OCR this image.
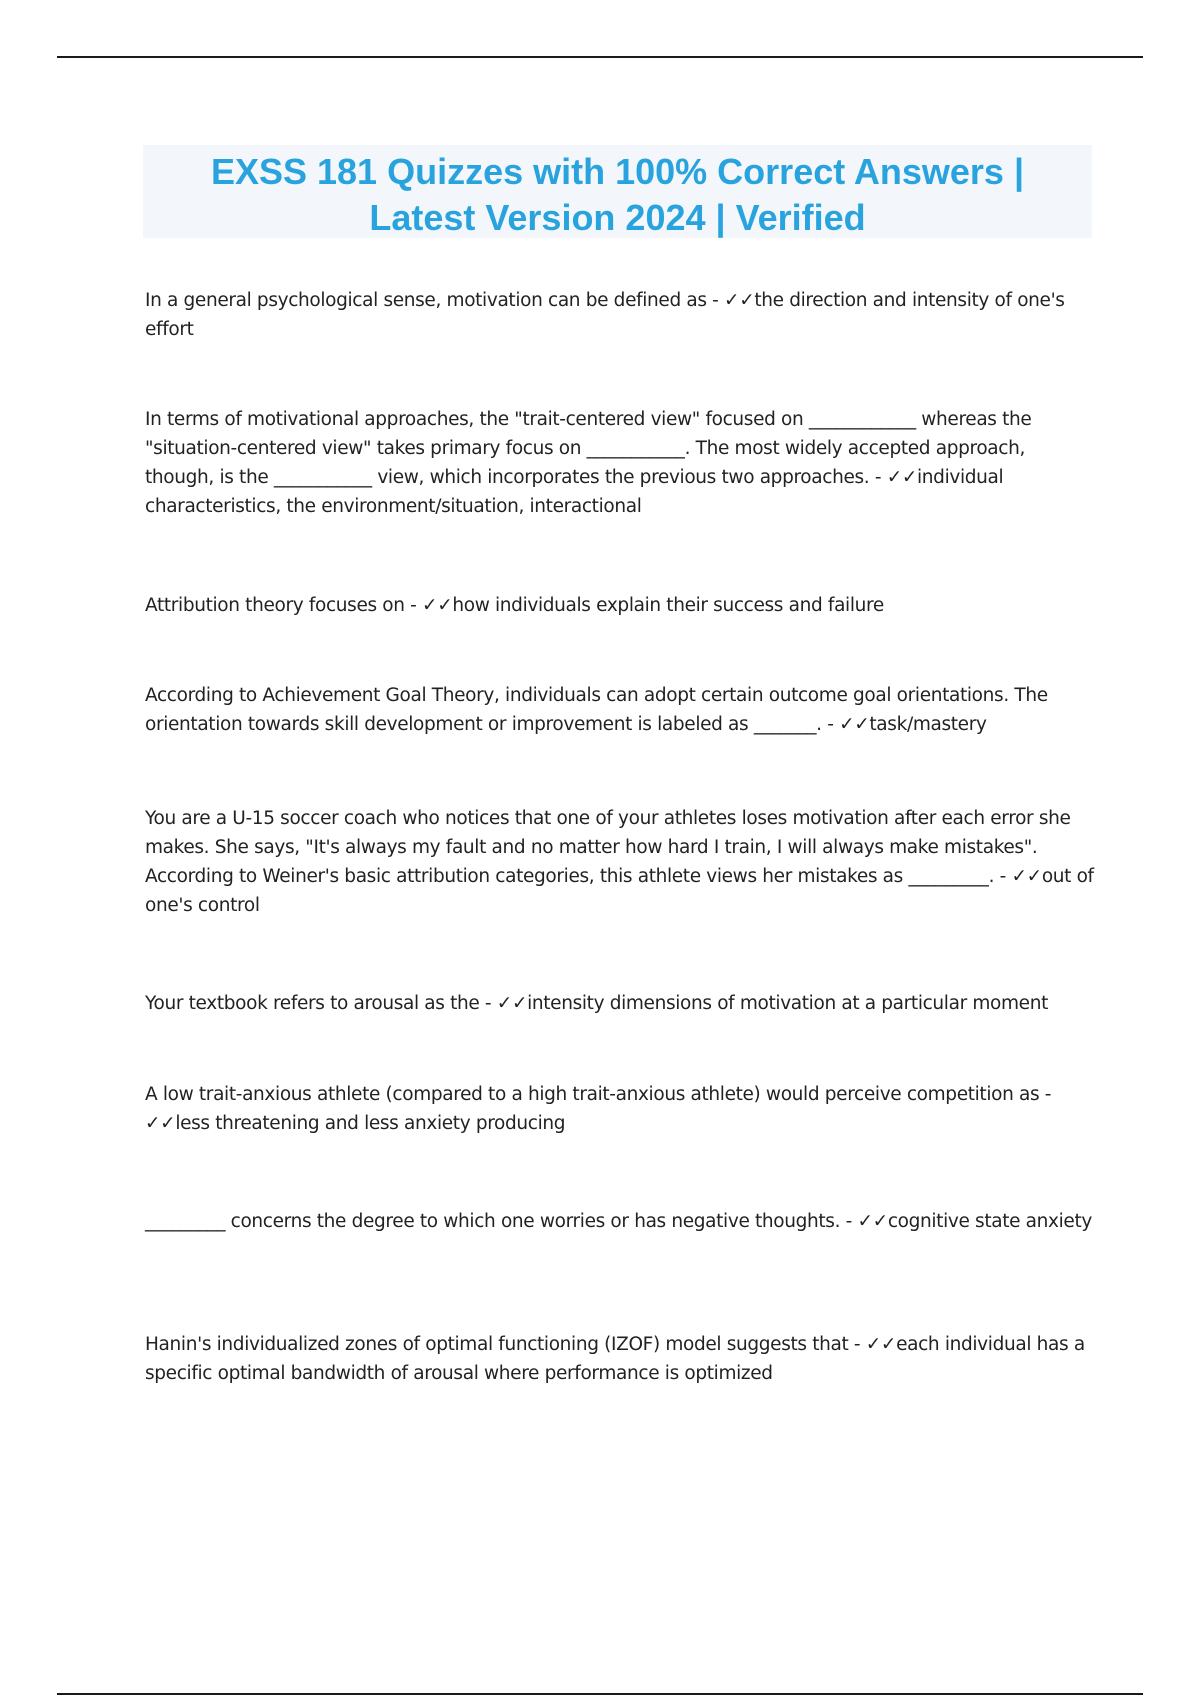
EXSS 181 Quizzes with 100% Correct Answers |
Latest Version 2024 | Verified

In a general psychological sense, motivation can be defined as - ✓✓the direction and intensity of one's effort

In terms of motivational approaches, the "trait-centered view" focused on ____________ whereas the "situation-centered view" takes primary focus on ___________. The most widely accepted approach, though, is the ___________ view, which incorporates the previous two approaches. - ✓✓individual characteristics, the environment/situation, interactional

Attribution theory focuses on - ✓✓how individuals explain their success and failure

According to Achievement Goal Theory, individuals can adopt certain outcome goal orientations. The orientation towards skill development or improvement is labeled as _______. - ✓✓task/mastery

You are a U-15 soccer coach who notices that one of your athletes loses motivation after each error she makes. She says, "It's always my fault and no matter how hard I train, I will always make mistakes". According to Weiner's basic attribution categories, this athlete views her mistakes as _________. - ✓✓out of one's control

Your textbook refers to arousal as the - ✓✓intensity dimensions of motivation at a particular moment

A low trait-anxious athlete (compared to a high trait-anxious athlete) would perceive competition as - ✓✓less threatening and less anxiety producing

_________ concerns the degree to which one worries or has negative thoughts. - ✓✓cognitive state anxiety

Hanin's individualized zones of optimal functioning (IZOF) model suggests that - ✓✓each individual has a specific optimal bandwidth of arousal where performance is optimized
